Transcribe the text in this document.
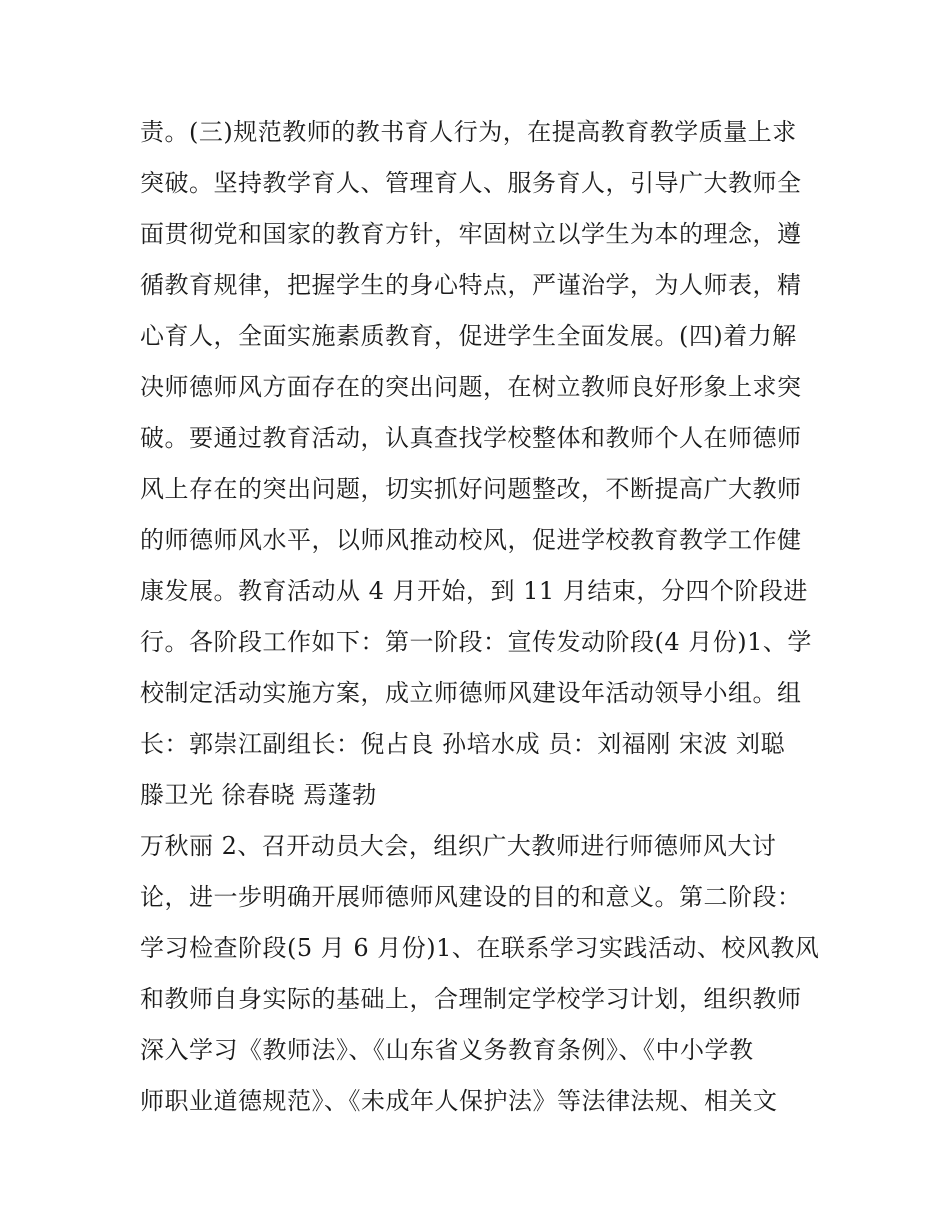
责。(三)规范教师的教书育人行为，在提高教育教学质量上求
突破。坚持教学育人、管理育人、服务育人，引导广大教师全
面贯彻党和国家的教育方针，牢固树立以学生为本的理念，遵
循教育规律，把握学生的身心特点，严谨治学，为人师表，精
心育人，全面实施素质教育，促进学生全面发展。(四)着力解
决师德师风方面存在的突出问题，在树立教师良好形象上求突
破。要通过教育活动，认真查找学校整体和教师个人在师德师
风上存在的突出问题，切实抓好问题整改，不断提高广大教师
的师德师风水平，以师风推动校风，促进学校教育教学工作健
康发展。教育活动从 4 月开始，到 11 月结束，分四个阶段进
行。各阶段工作如下：第一阶段：宣传发动阶段(4 月份)1、学
校制定活动实施方案，成立师德师风建设年活动领导小组。组
长：郭崇江副组长：倪占良 孙培水成 员：刘福刚 宋波 刘聪
滕卫光 徐春晓 焉蓬勃
万秋丽 2、召开动员大会，组织广大教师进行师德师风大讨
论，进一步明确开展师德师风建设的目的和意义。第二阶段：
学习检查阶段(5 月 6 月份)1、在联系学习实践活动、校风教风
和教师自身实际的基础上，合理制定学校学习计划，组织教师
深入学习《教师法》、《山东省义务教育条例》、《中小学教
师职业道德规范》、《未成年人保护法》等法律法规、相关文
